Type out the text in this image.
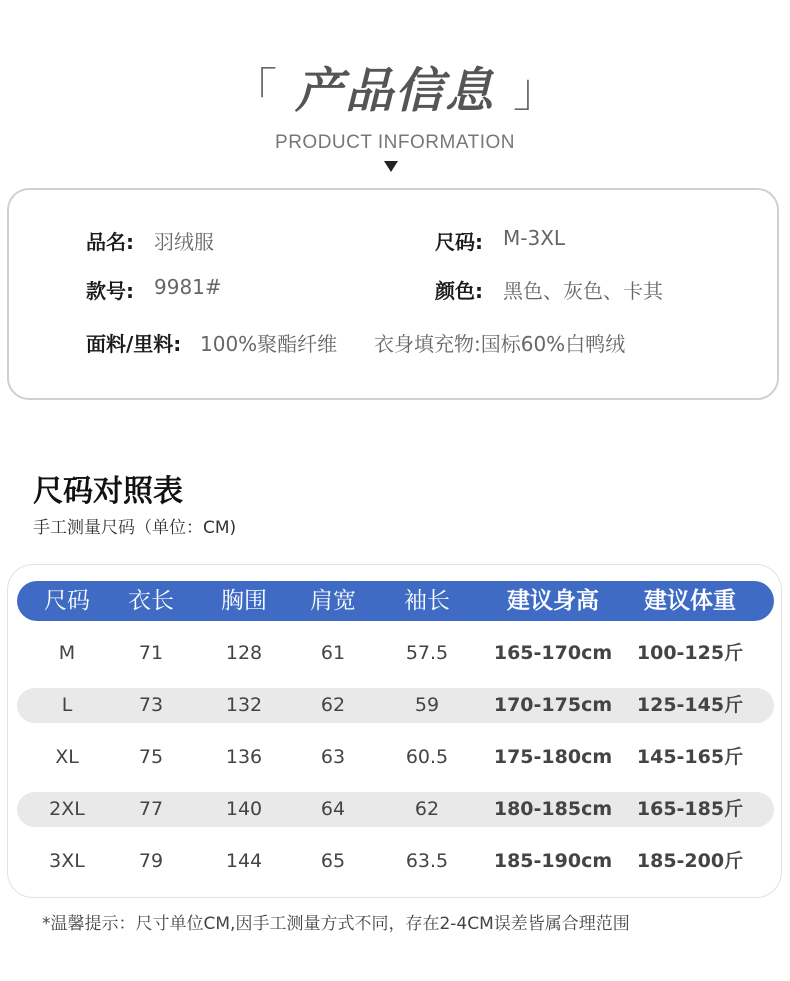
「 产品信息 」
PRODUCT INFORMATION
品名: 羽绒服	尺码: M-3XL
款号: 9981#	颜色: 黑色、灰色、卡其
面料/里料: 100%聚酯纤维 衣身填充物:国标60%白鸭绒
尺码对照表
手工测量尺码（单位：CM)
尺码 衣长 胸围 肩宽 袖长 建议身高 建议体重
M	71	128	61	57.5 165-170cm 100-125斤
L	73	132	62	59	170-175cm 125-145斤
XL	75	136	63	60.5 175-180cm 145-165斤
2XL	77	140	64	62	180-185cm 165-185斤
3XL	79	144	65	63.5 185-190cm 185-200斤
*温馨提示：尺寸单位CM,因手工测量方式不同，存在2-4CM误差皆属合理范围
